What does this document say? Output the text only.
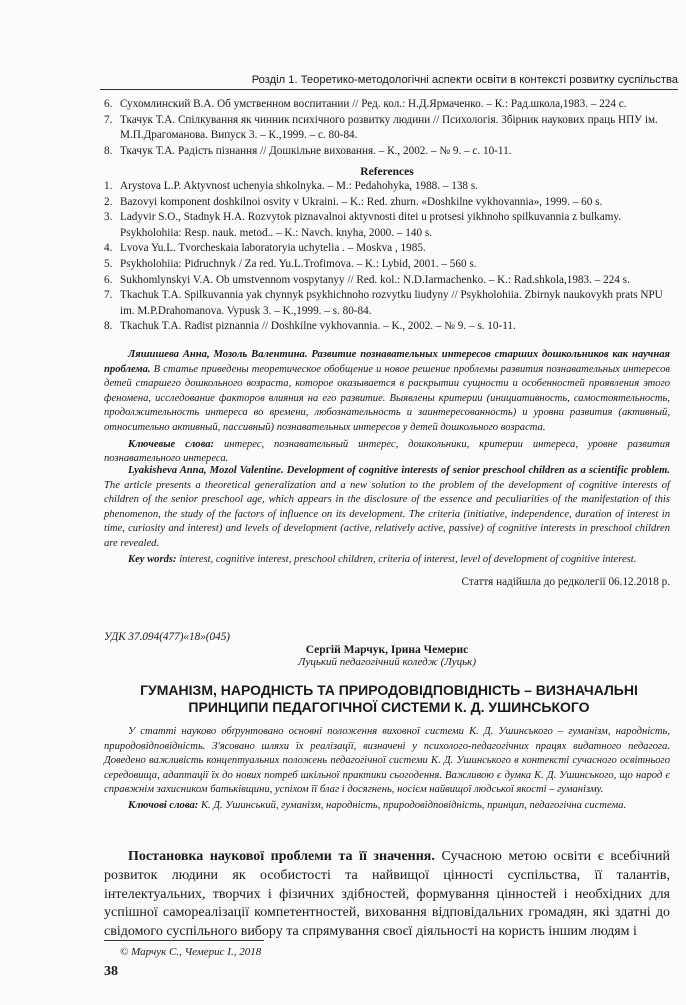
Розділ 1. Теоретико-методологічні аспекти освіти в контексті розвитку суспільства
6. Сухомлинский В.А. Об умственном воспитании // Ред. кол.: Н.Д.Ярмаченко. – К.: Рад.школа,1983. – 224 с.
7. Ткачук Т.А. Спілкування як чинник психічного розвитку людини // Психологія. Збірник наукових праць НПУ ім. М.П.Драгоманова. Випуск 3. – К.,1999. – с. 80-84.
8. Ткачук Т.А. Радість пізнання // Дошкільне виховання. – К., 2002. – № 9. – с. 10-11.

References

1. Arystova L.P. Aktyvnost uchenyia shkolnyka. – M.: Pedahohyka, 1988. – 138 s.
2. Bazovyi komponent doshkilnoi osvity v Ukraini. – K.: Red. zhurn. «Doshkilne vykhovannia», 1999. – 60 s.
3. Ladyvir S.O., Stadnyk H.A. Rozvytok piznavalnoi aktyvnosti ditei u protsesi yikhnoho spilkuvannia z bulkamy. Psykholohiia: Resp. nauk. metod.. – K.: Navch. knyha, 2000. – 140 s.
4. Lvova Yu.L. Tvorcheskaia laboratoryia uchytelia . – Moskva , 1985.
5. Psykholohiia: Pidruchnyk / Za red. Yu.L.Trofimova. – K.: Lybid, 2001. – 560 s.
6. Sukhomlynskyi V.A. Ob umstvennom vospytanyy // Red. kol.: N.D.Iarmachenko. – K.: Rad.shkola,1983. – 224 s.
7. Tkachuk T.A. Spilkuvannia yak chynnyk psykhichnoho rozvytku liudyny // Psykholohiia. Zbirnyk naukovykh prats NPU im. M.P.Drahomanova. Vypusk 3. – K.,1999. – s. 80-84.
8. Tkachuk T.A. Radist piznannia // Doshkilne vykhovannia. – K., 2002. – № 9. – s. 10-11.

Ляшишева Анна, Мозоль Валентина. Развитие познавательных интересов старших дошкольников как научная проблема. В статье приведены теоретическое обобщение и новое решение проблемы развития познавательных интересов детей старшего дошкольного возраста, которое оказывается в раскрытии сущности и особенностей проявления этого феномена, исследование факторов влияния на его развитие. Выявлены критерии (инициативность, самостоятельность, продолжительность интереса во времени, любознательность и заинтересованность) и уровни развития (активный, относительно активный, пассивный) познавательных интересов у детей дошкольного возраста.

Ключевые слова: интерес, познавательный интерес, дошкольники, критерии интереса, уровне развития познавательного интереса.

Lyakisheva Anna, Mozol Valentine. Development of cognitive interests of senior preschool children as a scientific problem. The article presents a theoretical generalization and a new solution to the problem of the development of cognitive interests of children of the senior preschool age, which appears in the disclosure of the essence and peculiarities of the manifestation of this phenomenon, the study of the factors of influence on its development. The criteria (initiative, independence, duration of interest in time, curiosity and interest) and levels of development (active, relatively active, passive) of cognitive interests in preschool children are revealed.

Key words: interest, cognitive interest, preschool children, criteria of interest, level of development of cognitive interest.

Стаття надійшла до редколегії 06.12.2018 р.

УДК 37.094(477)«18»(045)

Сергій Марчук, Ірина Чемерис

Луцький педагогічний коледж (Луцьк)

ГУМАНІЗМ, НАРОДНІСТЬ ТА ПРИРОДОВІДПОВІДНІСТЬ – ВИЗНАЧАЛЬНІ ПРИНЦИПИ ПЕДАГОГІЧНОЇ СИСТЕМИ К. Д. УШИНСЬКОГО

У статті науково обґрунтовано основні положення виховної системи К. Д. Ушинського – гуманізм, народність, природовідповідність. З'ясовано шляхи їх реалізації, визначені у психолого-педагогічних працях видатного педагога. Доведено важливість концептуальних положень педагогічної системи К. Д. Ушинського в контексті сучасного освітнього середовища, адаптації їх до нових потреб шкільної практики сьогодення. Важливою є думка К. Д. Ушинського, що народ є справжнім захисником батьківщини, успіхом її благ і досягнень, носієм найвищої людської якості – гуманізму.

Ключові слова: К. Д. Ушинський, гуманізм, народність, природовідповідність, принцип, педагогічна система.

Постановка наукової проблеми та її значення. Сучасною метою освіти є всебічний розвиток людини як особистості та найвищої цінності суспільства, її талантів, інтелектуальних, творчих і фізичних здібностей, формування цінностей і необхідних для успішної самореалізації компетентностей, виховання відповідальних громадян, які здатні до свідомого суспільного вибору та спрямування своєї діяльності на користь іншим людям і

© Марчук С., Чемерис І., 2018

38
